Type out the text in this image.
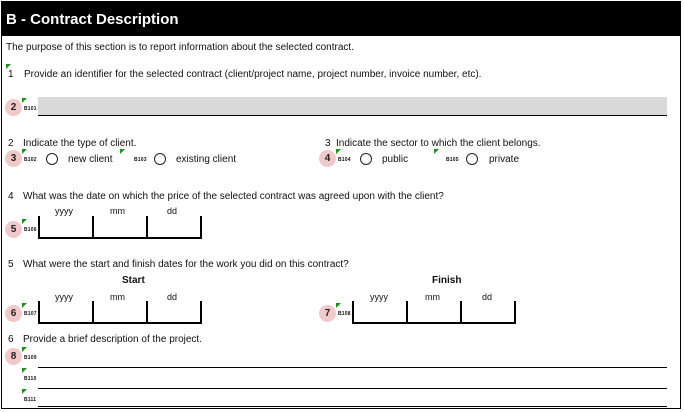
B - Contract Description
The purpose of this section is to report information about the selected contract.
1 Provide an identifier for the selected contract (client/project name, project number, invoice number, etc).
2	B101
2 Indicate the type of client.
3	B102	new client	B103	existing client
3 Indicate the sector to which the client belongs.
4	B104	public	B105	private
4 What was the date on which the price of the selected contract was agreed upon with the client?
yyyy	mm	dd
5	B106
5 What were the start and finish dates for the work you did on this contract?
Start	Finish
yyyy	mm	dd
6	B107
yyyy	mm	dd
7	B108
6 Provide a brief description of the project.
8	B109
B110
B111
